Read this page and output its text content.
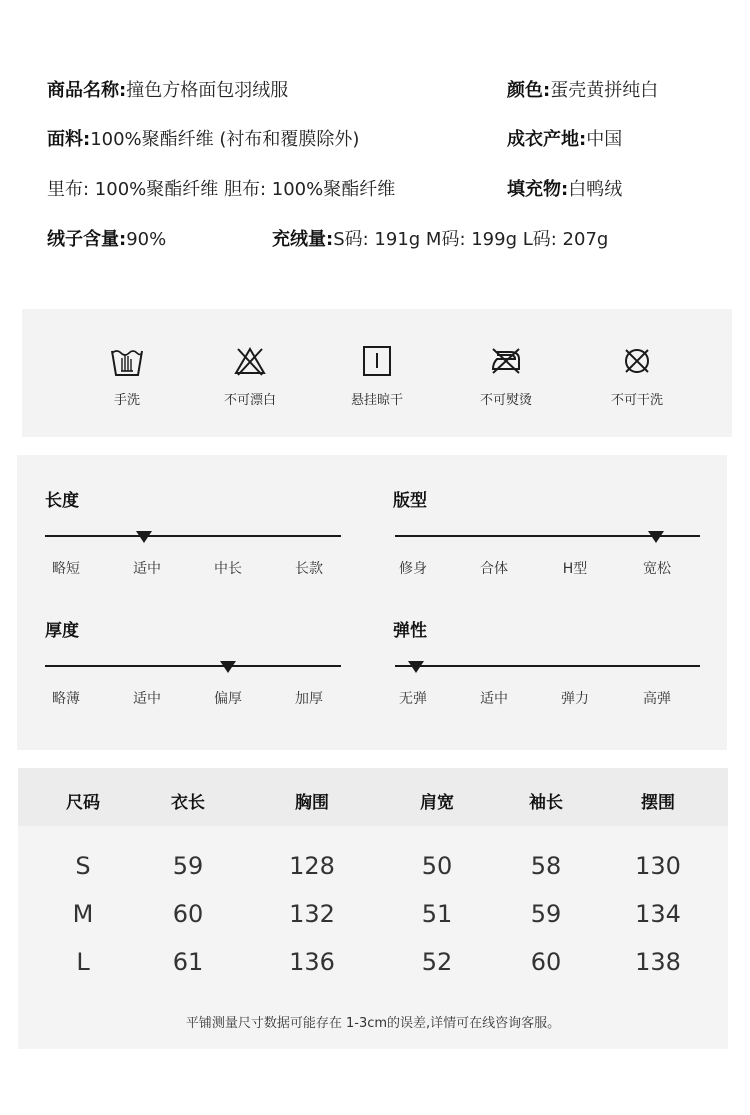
商品名称:撞色方格面包羽绒服	颜色:蛋壳黄拼纯白
面料:100%聚酯纤维 (衬布和覆膜除外)	成衣产地:中国
里布: 100%聚酯纤维 胆布: 100%聚酯纤维	填充物:白鸭绒
绒子含量:90%	充绒量:S码: 191g M码: 199g L码: 207g
手洗	不可漂白	悬挂晾干	不可熨烫	不可干洗
长度
略短	适中	中长	长款
版型
修身	合体	H型	宽松
厚度
略薄	适中	偏厚	加厚
弹性
无弹	适中	弹力	高弹
尺码	衣长	胸围	肩宽	袖长	摆围
S	59	128	50	58	130
M	60	132	51	59	134
L	61	136	52	60	138
平铺测量尺寸数据可能存在 1-3cm的误差,详情可在线咨询客服。
